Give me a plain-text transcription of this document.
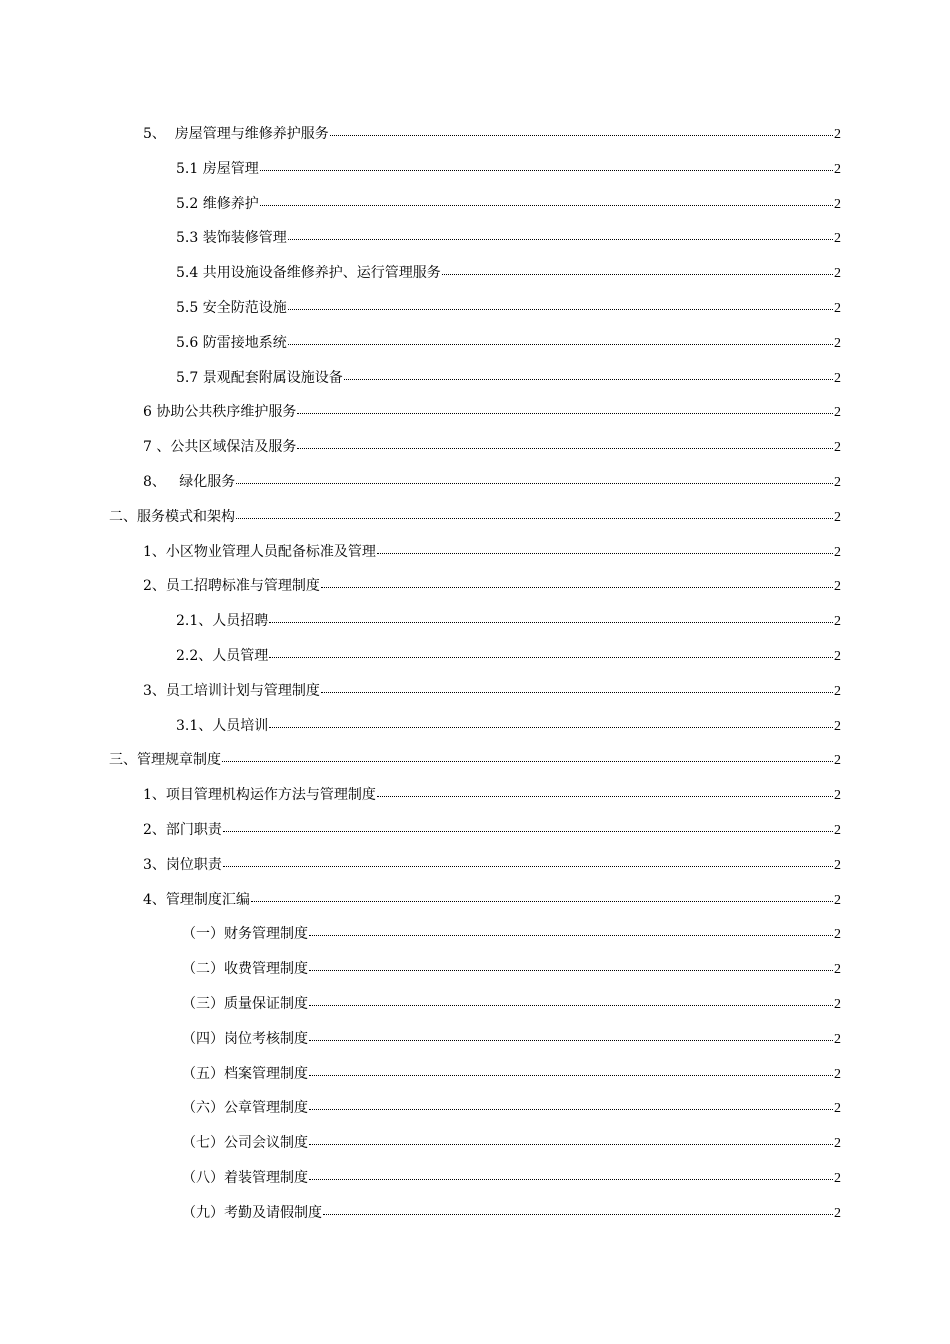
5、  房屋管理与维修养护服务	2
5.1 房屋管理	2
5.2 维修养护	2
5.3 装饰装修管理	2
5.4 共用设施设备维修养护、运行管理服务	2
5.5 安全防范设施	2
5.6 防雷接地系统	2
5.7 景观配套附属设施设备	2
6 协助公共秩序维护服务	2
7 、公共区域保洁及服务	2
8、   绿化服务	2
二、服务模式和架构	2
1、小区物业管理人员配备标准及管理	2
2、员工招聘标准与管理制度	2
2.1、人员招聘	2
2.2、人员管理	2
3、员工培训计划与管理制度	2
3.1、人员培训	2
三、管理规章制度	2
1、项目管理机构运作方法与管理制度	2
2、部门职责	2
3、岗位职责	2
4、管理制度汇编	2
（一）财务管理制度	2
（二）收费管理制度	2
（三）质量保证制度	2
（四）岗位考核制度	2
（五）档案管理制度	2
（六）公章管理制度	2
（七）公司会议制度	2
（八）着装管理制度	2
（九）考勤及请假制度	2
